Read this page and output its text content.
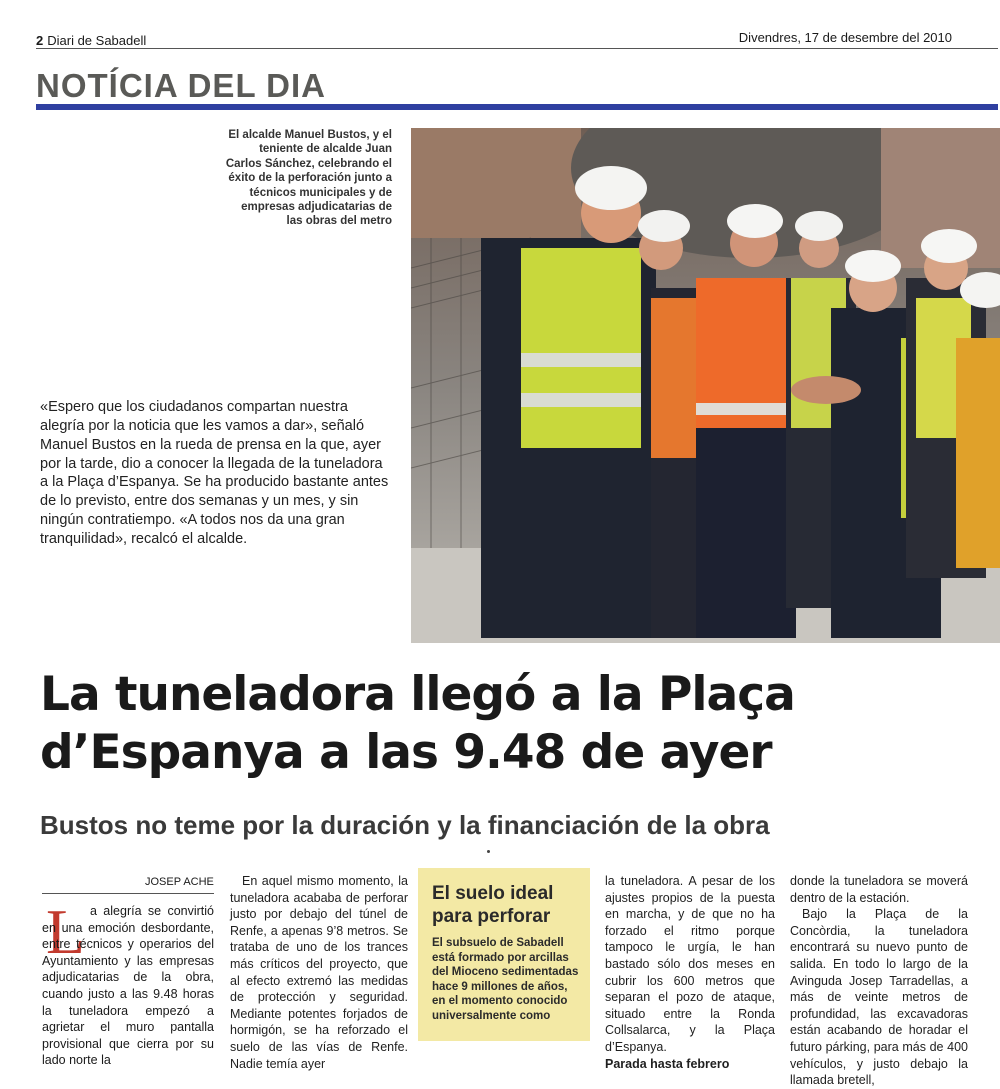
2 Diari de Sabadell	Divendres, 17 de desembre del 2010
NOTÍCIA DEL DIA
El alcalde Manuel Bustos, y el teniente de alcalde Juan Carlos Sánchez, celebrando el éxito de la perforación junto a técnicos municipales y de empresas adjudicatarias de las obras del metro
«Espero que los ciudadanos compartan nuestra alegría por la noticia que les vamos a dar», señaló Manuel Bustos en la rueda de prensa en la que, ayer por la tarde, dio a conocer la llegada de la tuneladora a la Plaça d’Espanya. Se ha producido bastante antes de lo previsto, entre dos semanas y un mes, y sin ningún contratiempo. «A todos nos da una gran tranquilidad», recalcó el alcalde.
La tuneladora llegó a la Plaça d’Espanya a las 9.48 de ayer
Bustos no teme por la duración y la financiación de la obra
JOSEP ACHE
L a alegría se convirtió en una emoción desbordante, entre técnicos y operarios del Ayuntamiento y las empresas adjudicatarias de la obra, cuando justo a las 9.48 horas la tuneladora empezó a agrietar el muro pantalla provisional que cierra por su lado norte la

En aquel mismo momento, la tuneladora acababa de perforar justo por debajo del túnel de Renfe, a apenas 9’8 metros. Se trataba de uno de los trances más críticos del proyecto, que al efecto extremó las medidas de protección y seguridad. Mediante potentes forjados de hormigón, se ha reforzado el suelo de las vías de Renfe. Nadie temía ayer

El suelo ideal para perforar
El subsuelo de Sabadell está formado por arcillas del Mioceno sedimentadas hace 9 millones de años, en el momento conocido universalmente como

la tuneladora. A pesar de los ajustes propios de la puesta en marcha, y de que no ha forzado el ritmo porque tampoco le urgía, le han bastado sólo dos meses en cubrir los 600 metros que separan el pozo de ataque, situado entre la Ronda Collsalarca, y la Plaça d’Espanya.

Parada hasta febrero

donde la tuneladora se moverá dentro de la estación.

Bajo la Plaça de la Concòrdia, la tuneladora encontrará su nuevo punto de salida. En todo lo largo de la Avinguda Josep Tarradellas, a más de veinte metros de profundidad, las excavadoras están acabando de horadar el futuro párking, para más de 400 vehículos, y justo debajo la llamada bretell,
